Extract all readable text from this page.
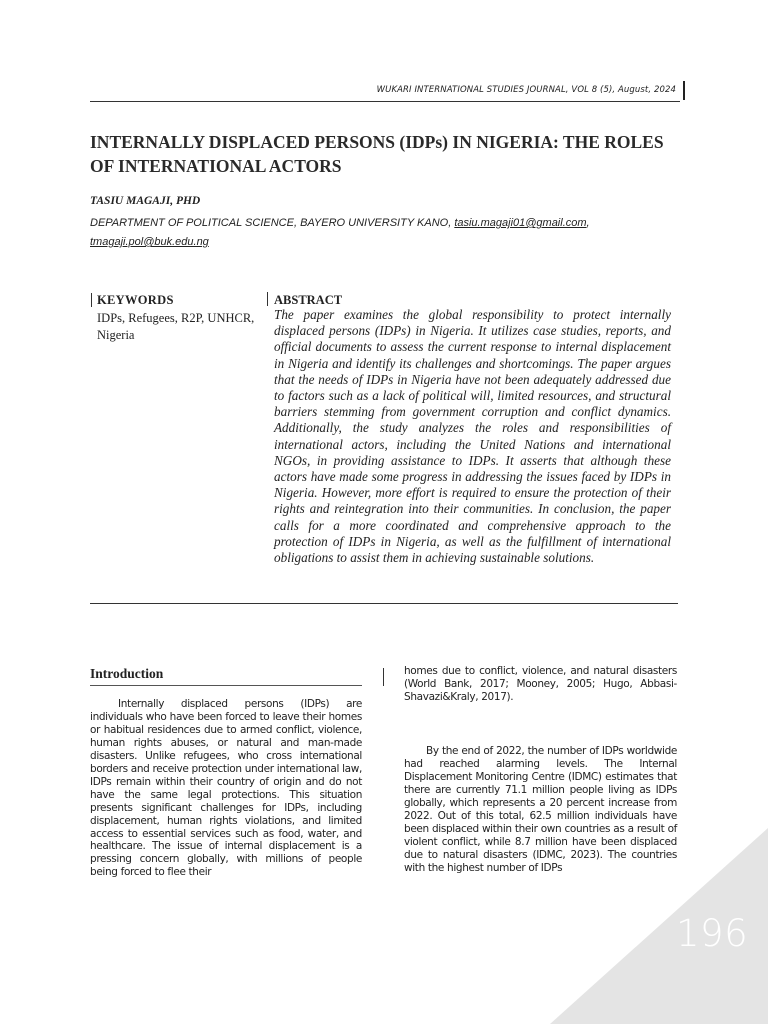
WUKARI INTERNATIONAL STUDIES JOURNAL, VOL 8 (5), August, 2024
INTERNALLY DISPLACED PERSONS (IDPs) IN NIGERIA: THE ROLES OF INTERNATIONAL ACTORS
TASIU MAGAJI, PHD
DEPARTMENT OF POLITICAL SCIENCE, BAYERO UNIVERSITY KANO, tasiu.magaji01@gmail.com,
tmagaji.pol@buk.edu.ng
KEYWORDS
IDPs, Refugees, R2P, UNHCR, Nigeria
ABSTRACT
The paper examines the global responsibility to protect internally displaced persons (IDPs) in Nigeria. It utilizes case studies, reports, and official documents to assess the current response to internal displacement in Nigeria and identify its challenges and shortcomings. The paper argues that the needs of IDPs in Nigeria have not been adequately addressed due to factors such as a lack of political will, limited resources, and structural barriers stemming from government corruption and conflict dynamics. Additionally, the study analyzes the roles and responsibilities of international actors, including the United Nations and international NGOs, in providing assistance to IDPs. It asserts that although these actors have made some progress in addressing the issues faced by IDPs in Nigeria. However, more effort is required to ensure the protection of their rights and reintegration into their communities. In conclusion, the paper calls for a more coordinated and comprehensive approach to the protection of IDPs in Nigeria, as well as the fulfillment of international obligations to assist them in achieving sustainable solutions.
Introduction

Internally displaced persons (IDPs) are individuals who have been forced to leave their homes or habitual residences due to armed conflict, violence, human rights abuses, or natural and man-made disasters. Unlike refugees, who cross international borders and receive protection under international law, IDPs remain within their country of origin and do not have the same legal protections. This situation presents significant challenges for IDPs, including displacement, human rights violations, and limited access to essential services such as food, water, and healthcare. The issue of internal displacement is a pressing concern globally, with millions of people being forced to flee their

homes due to conflict, violence, and natural disasters (World Bank, 2017; Mooney, 2005; Hugo, Abbasi-Shavazi&Kraly, 2017).

By the end of 2022, the number of IDPs worldwide had reached alarming levels. The Internal Displacement Monitoring Centre (IDMC) estimates that there are currently 71.1 million people living as IDPs globally, which represents a 20 percent increase from 2022. Out of this total, 62.5 million individuals have been displaced within their own countries as a result of violent conflict, while 8.7 million have been displaced due to natural disasters (IDMC, 2023). The countries with the highest number of IDPs

196
